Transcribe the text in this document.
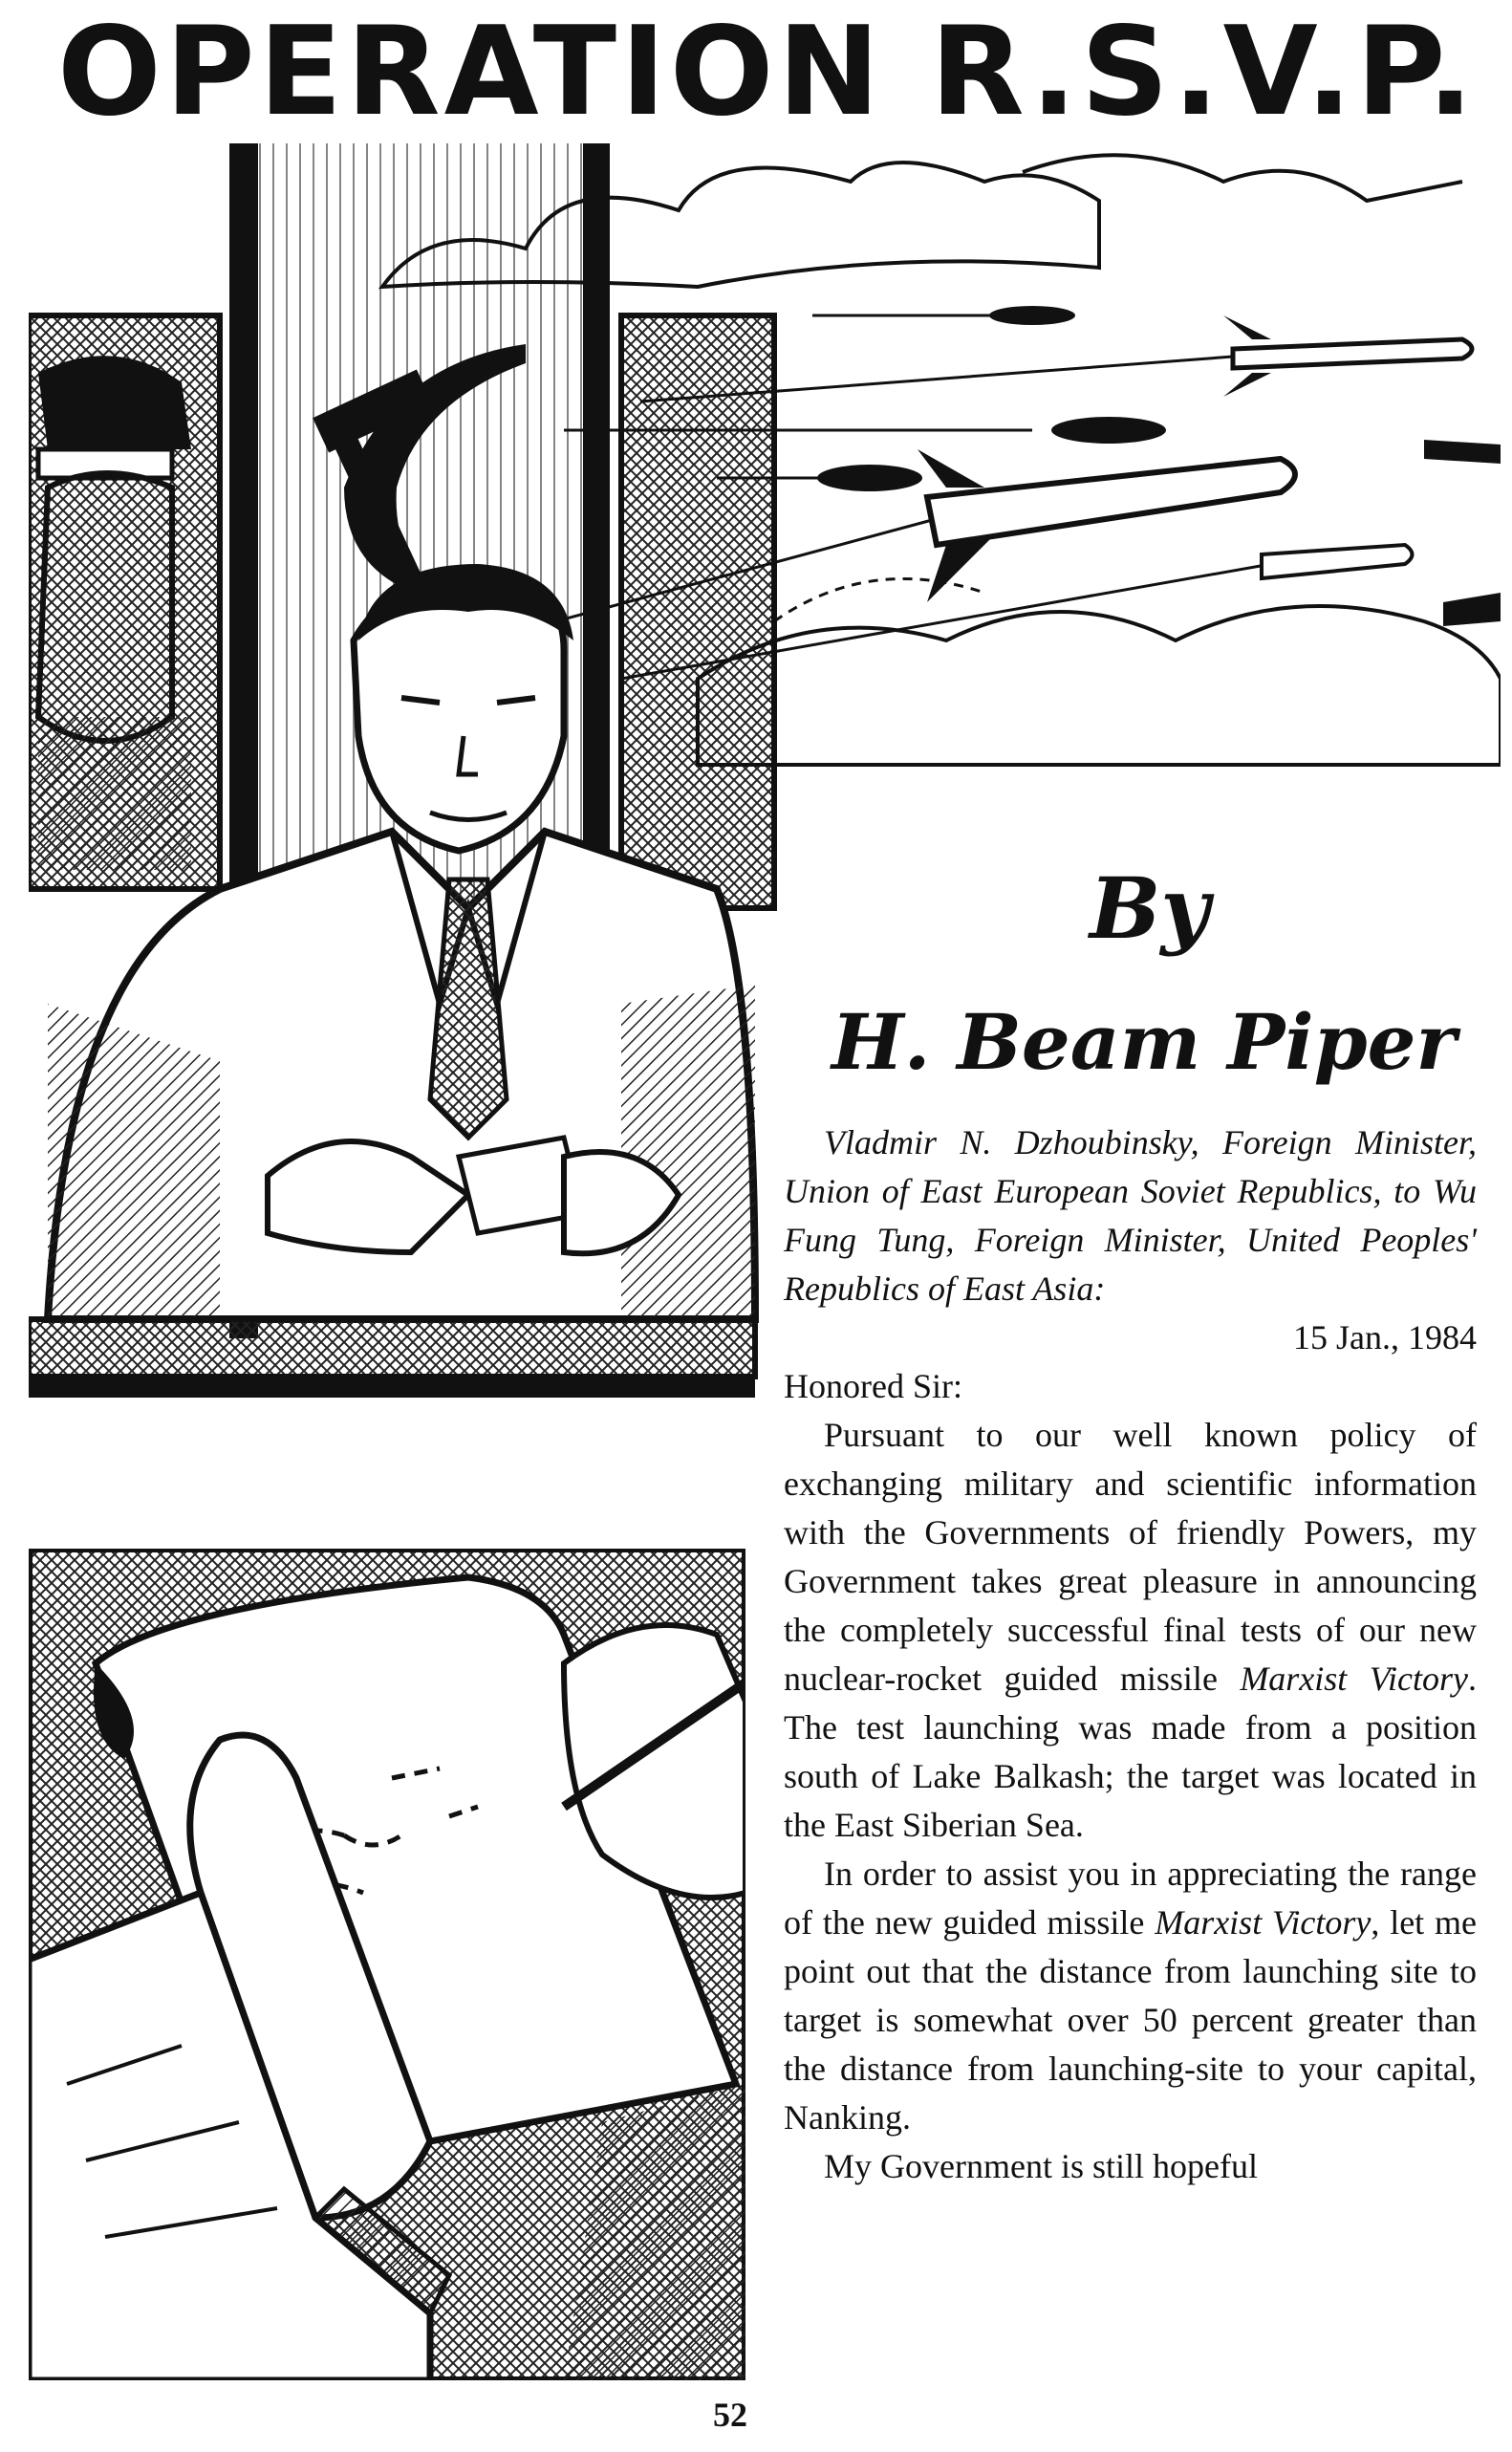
OPERATION R.S.V.P.
By
H. Beam Piper

Vladmir N. Dzhoubinsky, Foreign Minister, Union of East European Soviet Republics, to Wu Fung Tung, Foreign Minister, United Peoples' Republics of East Asia:

15 Jan., 1984

Honored Sir:

Pursuant to our well known policy of exchanging military and scientific information with the Governments of friendly Powers, my Government takes great pleasure in announcing the completely successful final tests of our new nuclear-rocket guided missile Marxist Victory. The test launching was made from a position south of Lake Balkash; the target was located in the East Siberian Sea.

In order to assist you in appreciating the range of the new guided missile Marxist Victory, let me point out that the distance from launching site to target is somewhat over 50 percent greater than the distance from launching-site to your capital, Nanking.

My Government is still hopeful

52
